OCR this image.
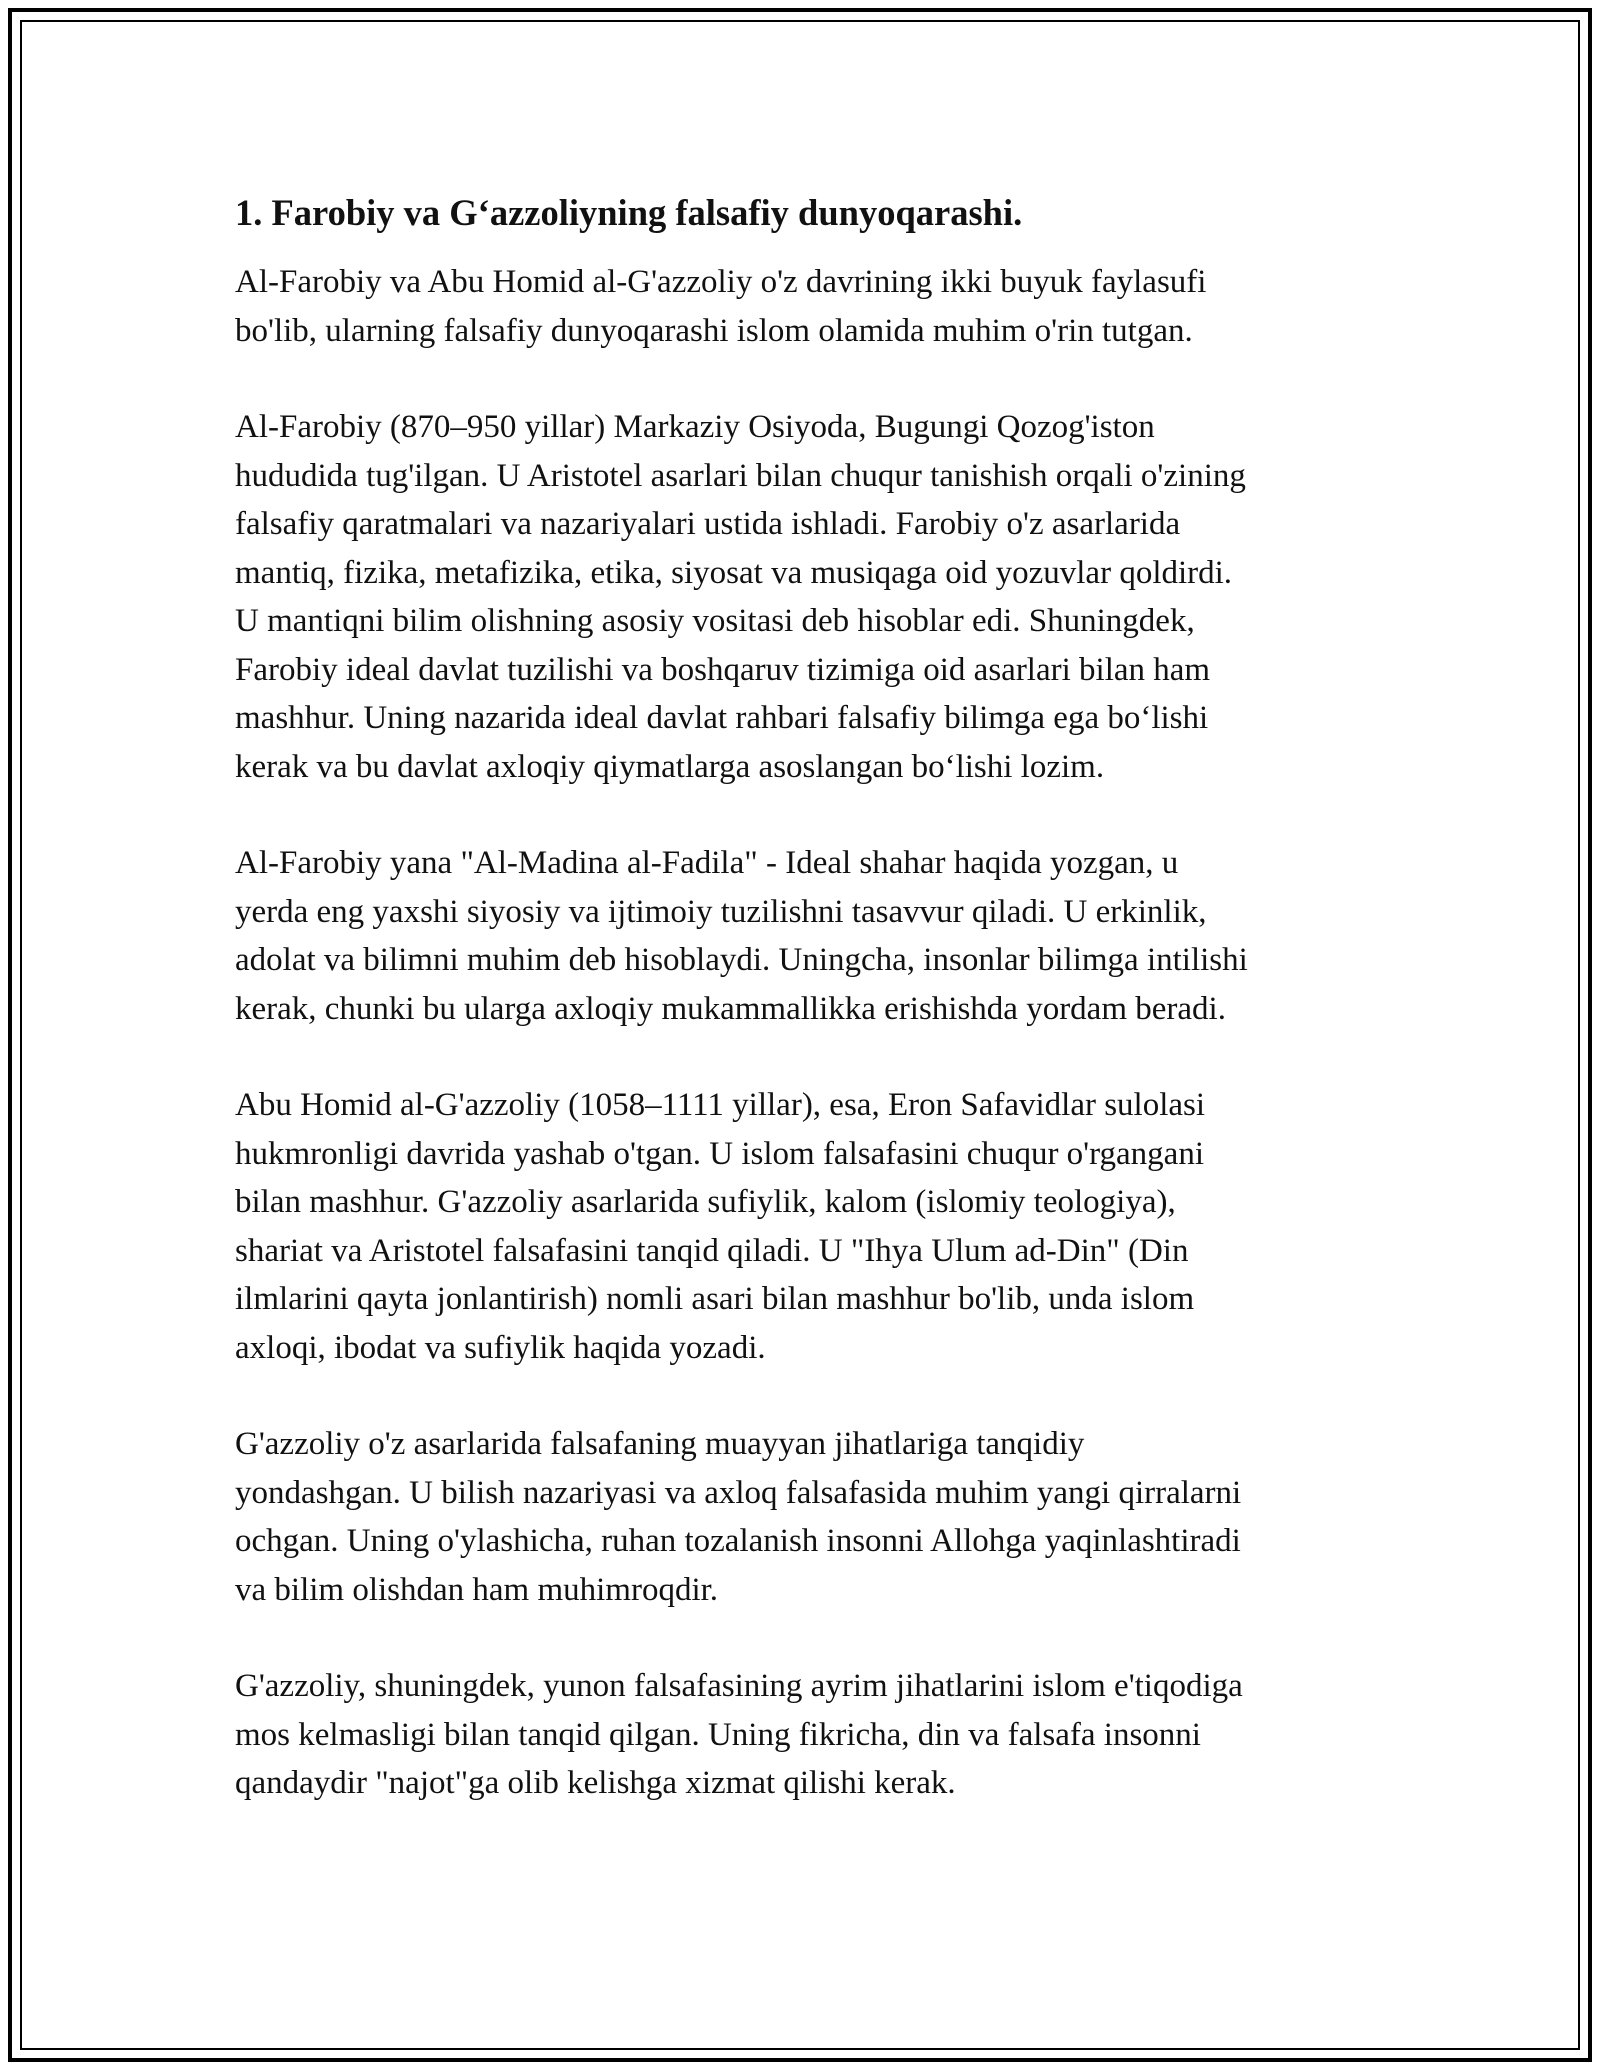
1. Farobiy va G‘azzoliyning falsafiy dunyoqarashi.

Al-Farobiy va Abu Homid al-G'azzoliy o'z davrining ikki buyuk faylasufi
bo'lib, ularning falsafiy dunyoqarashi islom olamida muhim o'rin tutgan.

Al-Farobiy (870–950 yillar) Markaziy Osiyoda, Bugungi Qozog'iston
hududida tug'ilgan. U Aristotel asarlari bilan chuqur tanishish orqali o'zining
falsafiy qaratmalari va nazariyalari ustida ishladi. Farobiy o'z asarlarida
mantiq, fizika, metafizika, etika, siyosat va musiqaga oid yozuvlar qoldirdi.
U mantiqni bilim olishning asosiy vositasi deb hisoblar edi. Shuningdek,
Farobiy ideal davlat tuzilishi va boshqaruv tizimiga oid asarlari bilan ham
mashhur. Uning nazarida ideal davlat rahbari falsafiy bilimga ega bo‘lishi
kerak va bu davlat axloqiy qiymatlarga asoslangan bo‘lishi lozim.

Al-Farobiy yana "Al-Madina al-Fadila" - Ideal shahar haqida yozgan, u
yerda eng yaxshi siyosiy va ijtimoiy tuzilishni tasavvur qiladi. U erkinlik,
adolat va bilimni muhim deb hisoblaydi. Uningcha, insonlar bilimga intilishi
kerak, chunki bu ularga axloqiy mukammallikka erishishda yordam beradi.

Abu Homid al-G'azzoliy (1058–1111 yillar), esa, Eron Safavidlar sulolasi
hukmronligi davrida yashab o'tgan. U islom falsafasini chuqur o'rgangani
bilan mashhur. G'azzoliy asarlarida sufiylik, kalom (islomiy teologiya),
shariat va Aristotel falsafasini tanqid qiladi. U "Ihya Ulum ad-Din" (Din
ilmlarini qayta jonlantirish) nomli asari bilan mashhur bo'lib, unda islom
axloqi, ibodat va sufiylik haqida yozadi.

G'azzoliy o'z asarlarida falsafaning muayyan jihatlariga tanqidiy
yondashgan. U bilish nazariyasi va axloq falsafasida muhim yangi qirralarni
ochgan. Uning o'ylashicha, ruhan tozalanish insonni Allohga yaqinlashtiradi
va bilim olishdan ham muhimroqdir.

G'azzoliy, shuningdek, yunon falsafasining ayrim jihatlarini islom e'tiqodiga
mos kelmasligi bilan tanqid qilgan. Uning fikricha, din va falsafa insonni
qandaydir "najot"ga olib kelishga xizmat qilishi kerak.
